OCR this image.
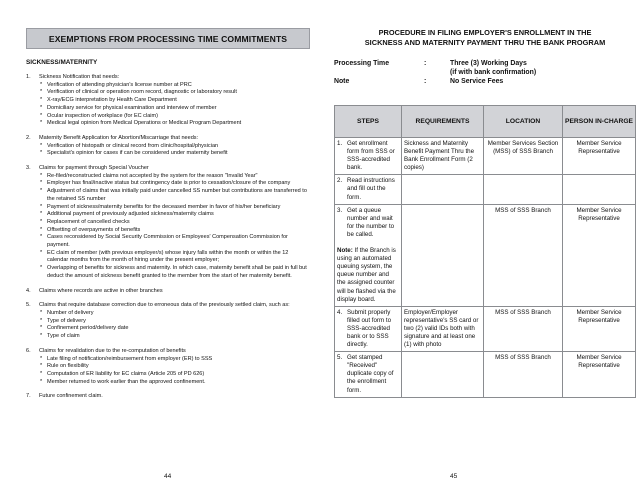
EXEMPTIONS FROM PROCESSING TIME COMMITMENTS
SICKNESS/MATERNITY
1.	Sickness Notification that needs:
* Verification of attending physician's license number at PRC
* Verification of clinical or operation room record, diagnostic or laboratory result
* X-ray/ECG interpretation by Health Care Department
* Domiciliary service for physical examination and interview of member
* Ocular inspection of workplace (for EC claim)
* Medical legal opinion from Medical Operations or Medical Program Department
2.	Maternity Benefit Application for Abortion/Miscarriage that needs:
* Verification of histopath or clinical record from clinic/hospital/physician
* Specialist's opinion for cases if can be considered under maternity benefit
3.	Claims for payment through Special Voucher
* Re-filed/reconstructed claims not accepted by the system for the reason "Invalid Year"
* Employer has final/inactive status but contingency date is prior to cessation/closure of the company
* Adjustment of claims that was initially paid under cancelled SS number but contributions are transferred to the retained SS number
* Payment of sickness/maternity benefits for the deceased member in favor of his/her beneficiary
* Additional payment of previously adjusted sickness/maternity claims
* Replacement of cancelled checks
* Offsetting of overpayments of benefits
* Cases reconsidered by Social Security Commission or Employees' Compensation Commission for payment.
* EC claim of member (with previous employer/s) whose injury falls within the month or within the 12 calendar months from the month of hiring under the present employer;
* Overlapping of benefits for sickness and maternity. In which case, maternity benefit shall be paid in full but deduct the amount of sickness benefit granted to the member from the start of her maternity benefit.
4.	Claims where records are active in other branches
5.	Claims that require database correction due to erroneous data of the previously settled claim, such as:
* Number of delivery
* Type of delivery
* Confinement period/delivery date
* Type of claim
6.	Claims for revalidation due to the re-computation of benefits
* Late filing of notification/reimbursement from employer (ER) to SSS
* Rule on flexibility
* Computation of ER liability for EC claims (Article 205 of PD 626)
* Member returned to work earlier than the approved confinement.
7.	Future confinement claim.
44
PROCEDURE IN FILING EMPLOYER'S ENROLLMENT IN THE
SICKNESS AND MATERNITY PAYMENT THRU THE BANK PROGRAM
Processing Time	:	Three (3) Working Days
(if with bank confirmation)
Note	:	No Service Fees
STEPS	REQUIREMENTS	LOCATION	PERSON IN-CHARGE

1. Get enrollment form from SSS or SSS-accredited bank.	Sickness and Maternity Benefit Payment Thru the Bank Enrollment Form (2 copies)	Member Services Section (MSS) of SSS Branch	Member Service Representative

2. Read instructions and fill out the form.			

3. Get a queue number and wait for the number to be called.
Note: If the Branch is using an automated queuing system, the queue number and the assigned counter will be flashed via the display board.		MSS of SSS Branch	Member Service Representative

4. Submit properly filled out form to SSS-accredited bank or to SSS directly.	Employer/Employer representative's SS card or two (2) valid IDs both with signature and at least one (1) with photo	MSS of SSS Branch	Member Service Representative

5. Get stamped "Received" duplicate copy of the enrollment form.		MSS of SSS Branch	Member Service Representative
45
